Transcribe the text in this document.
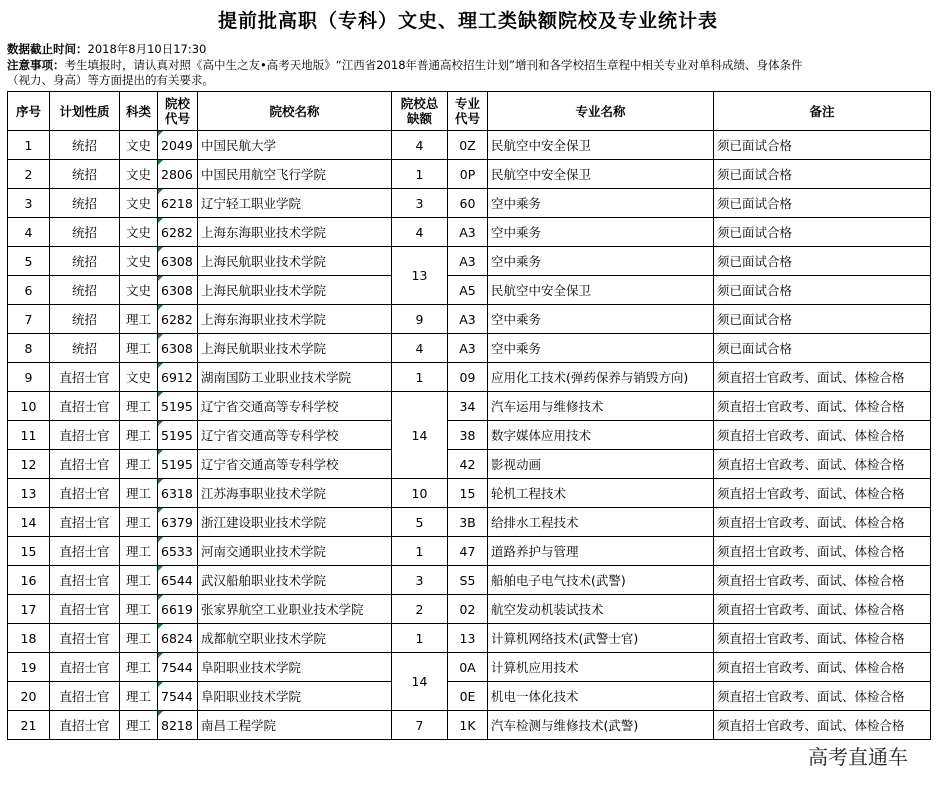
提前批高职（专科）文史、理工类缺额院校及专业统计表
数据截止时间：2018年8月10日17:30
注意事项：考生填报时，请认真对照《高中生之友•高考天地版》“江西省2018年普通高校招生计划”增刊和各学校招生章程中相关专业对单科成绩、身体条件
（视力、身高）等方面提出的有关要求。
序号	计划性质	科类	院校代号	院校名称	院校总缺额	专业代号	专业名称	备注
1	统招	文史	2049	中国民航大学	4	0Z	民航空中安全保卫	须已面试合格
2	统招	文史	2806	中国民用航空飞行学院	1	0P	民航空中安全保卫	须已面试合格
3	统招	文史	6218	辽宁轻工职业学院	3	60	空中乘务	须已面试合格
4	统招	文史	6282	上海东海职业技术学院	4	A3	空中乘务	须已面试合格
5	统招	文史	6308	上海民航职业技术学院	13	A3	空中乘务	须已面试合格
6	统招	文史	6308	上海民航职业技术学院		A5	民航空中安全保卫	须已面试合格
7	统招	理工	6282	上海东海职业技术学院	9	A3	空中乘务	须已面试合格
8	统招	理工	6308	上海民航职业技术学院	4	A3	空中乘务	须已面试合格
9	直招士官	文史	6912	湖南国防工业职业技术学院	1	09	应用化工技术(弹药保养与销毁方向)	须直招士官政考、面试、体检合格
10	直招士官	理工	5195	辽宁省交通高等专科学校	14	34	汽车运用与维修技术	须直招士官政考、面试、体检合格
11	直招士官	理工	5195	辽宁省交通高等专科学校		38	数字媒体应用技术	须直招士官政考、面试、体检合格
12	直招士官	理工	5195	辽宁省交通高等专科学校		42	影视动画	须直招士官政考、面试、体检合格
13	直招士官	理工	6318	江苏海事职业技术学院	10	15	轮机工程技术	须直招士官政考、面试、体检合格
14	直招士官	理工	6379	浙江建设职业技术学院	5	3B	给排水工程技术	须直招士官政考、面试、体检合格
15	直招士官	理工	6533	河南交通职业技术学院	1	47	道路养护与管理	须直招士官政考、面试、体检合格
16	直招士官	理工	6544	武汉船舶职业技术学院	3	S5	船舶电子电气技术(武警)	须直招士官政考、面试、体检合格
17	直招士官	理工	6619	张家界航空工业职业技术学院	2	02	航空发动机装试技术	须直招士官政考、面试、体检合格
18	直招士官	理工	6824	成都航空职业技术学院	1	13	计算机网络技术(武警士官)	须直招士官政考、面试、体检合格
19	直招士官	理工	7544	阜阳职业技术学院	14	0A	计算机应用技术	须直招士官政考、面试、体检合格
20	直招士官	理工	7544	阜阳职业技术学院		0E	机电一体化技术	须直招士官政考、面试、体检合格
21	直招士官	理工	8218	南昌工程学院	7	1K	汽车检测与维修技术(武警)	须直招士官政考、面试、体检合格
高考直通车
